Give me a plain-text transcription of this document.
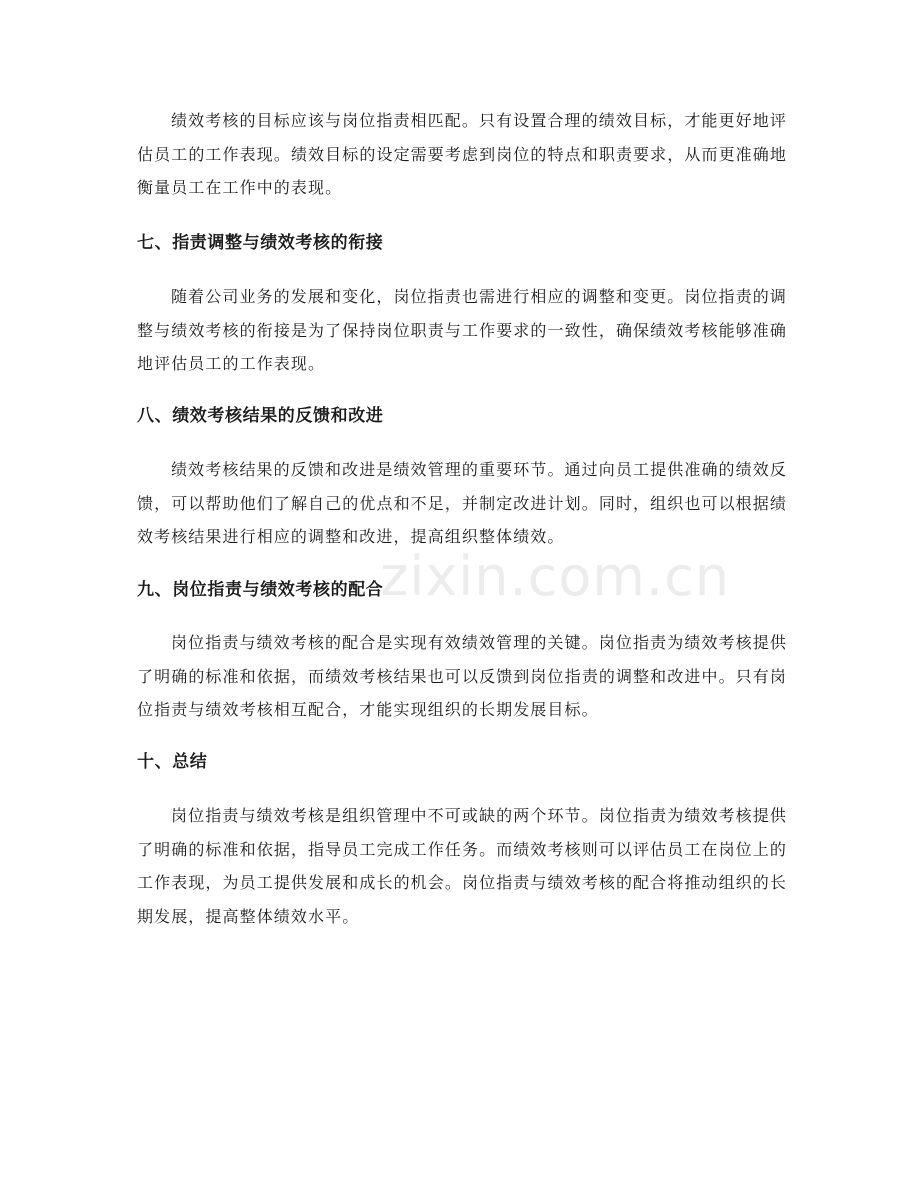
绩效考核的目标应该与岗位指责相匹配。只有设置合理的绩效目标，才能更好地评估员工的工作表现。绩效目标的设定需要考虑到岗位的特点和职责要求，从而更准确地衡量员工在工作中的表现。

七、指责调整与绩效考核的衔接

随着公司业务的发展和变化，岗位指责也需进行相应的调整和变更。岗位指责的调整与绩效考核的衔接是为了保持岗位职责与工作要求的一致性，确保绩效考核能够准确地评估员工的工作表现。

八、绩效考核结果的反馈和改进

绩效考核结果的反馈和改进是绩效管理的重要环节。通过向员工提供准确的绩效反馈，可以帮助他们了解自己的优点和不足，并制定改进计划。同时，组织也可以根据绩效考核结果进行相应的调整和改进，提高组织整体绩效。

九、岗位指责与绩效考核的配合

岗位指责与绩效考核的配合是实现有效绩效管理的关键。岗位指责为绩效考核提供了明确的标准和依据，而绩效考核结果也可以反馈到岗位指责的调整和改进中。只有岗位指责与绩效考核相互配合，才能实现组织的长期发展目标。

十、总结

岗位指责与绩效考核是组织管理中不可或缺的两个环节。岗位指责为绩效考核提供了明确的标准和依据，指导员工完成工作任务。而绩效考核则可以评估员工在岗位上的工作表现，为员工提供发展和成长的机会。岗位指责与绩效考核的配合将推动组织的长期发展，提高整体绩效水平。

zixin.com.cn
